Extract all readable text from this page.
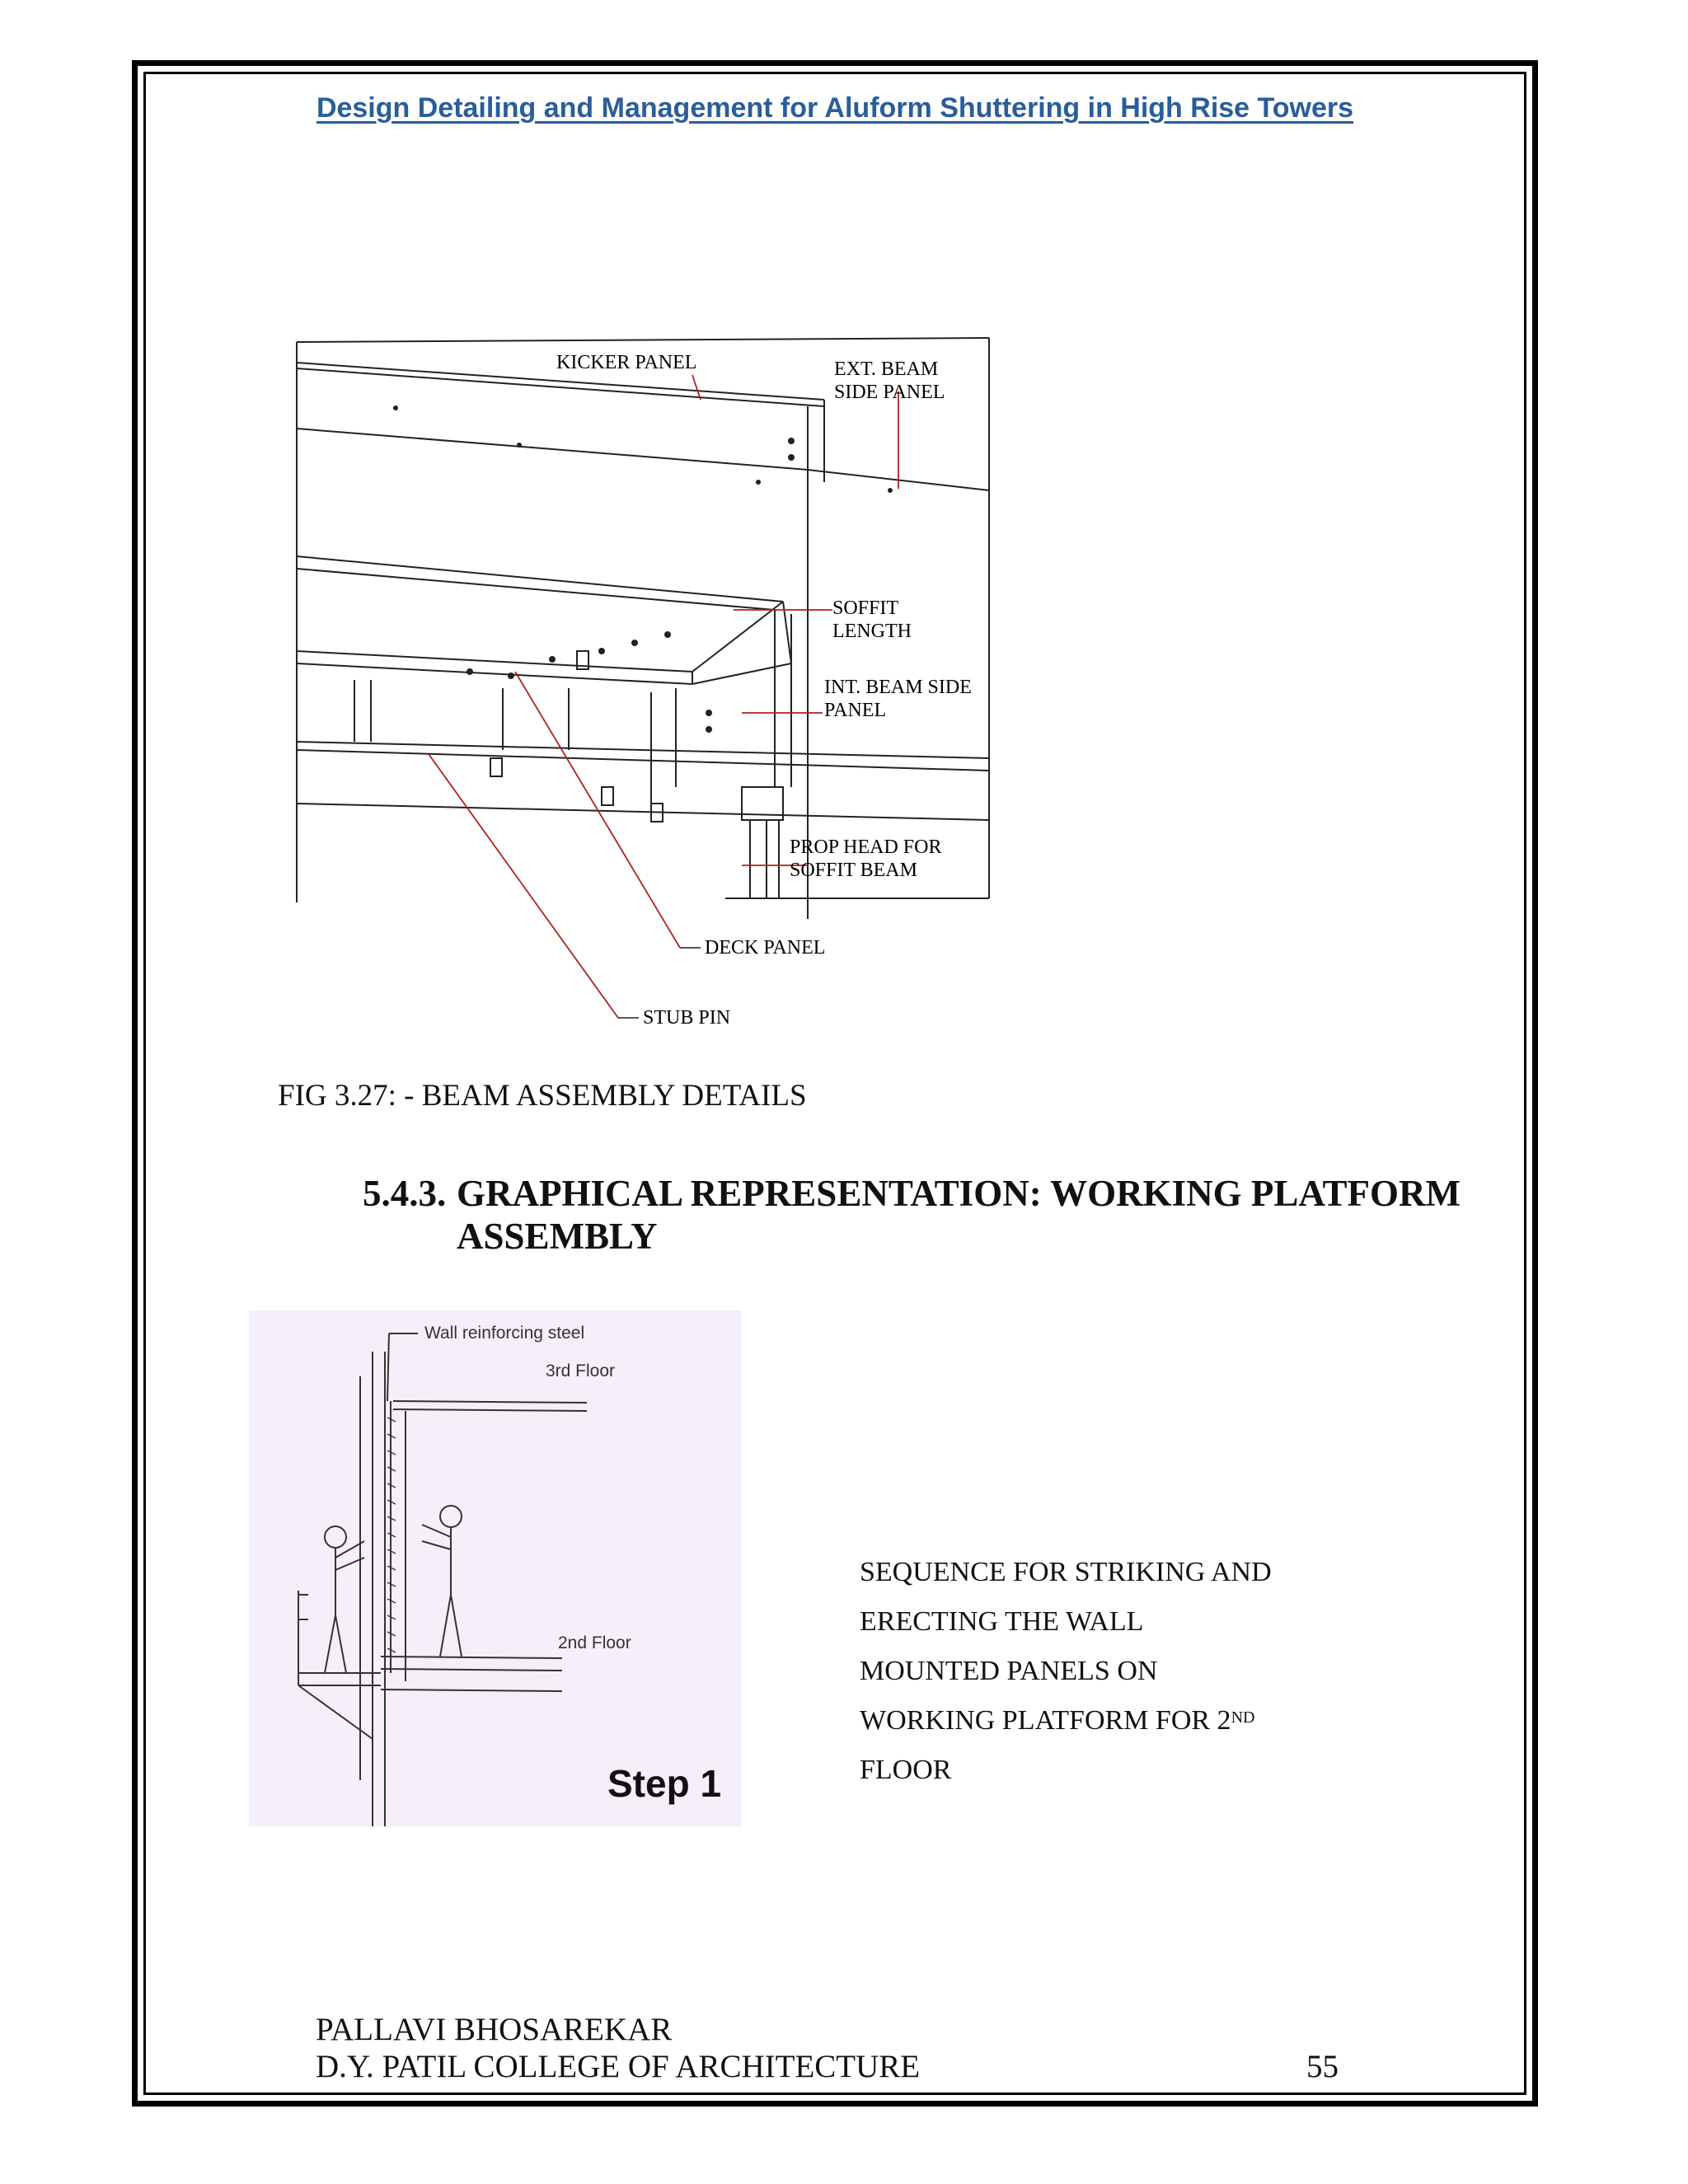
Design Detailing and Management for Aluform Shuttering in High Rise Towers
KICKER PANEL	EXT. BEAM
SIDE PANEL
SOFFIT
LENGTH
INT. BEAM SIDE
PANEL
PROP HEAD FOR
SOFFIT BEAM
DECK PANEL
STUB PIN
FIG 3.27: - BEAM ASSEMBLY DETAILS
5.4.3. GRAPHICAL REPRESENTATION: WORKING PLATFORM
ASSEMBLY
Wall reinforcing steel
3rd Floor
2nd Floor
Step 1
SEQUENCE FOR STRIKING AND
ERECTING THE WALL
MOUNTED PANELS ON
WORKING PLATFORM FOR 2ND
FLOOR
PALLAVI BHOSAREKAR
D.Y. PATIL COLLEGE OF ARCHITECTURE	55
